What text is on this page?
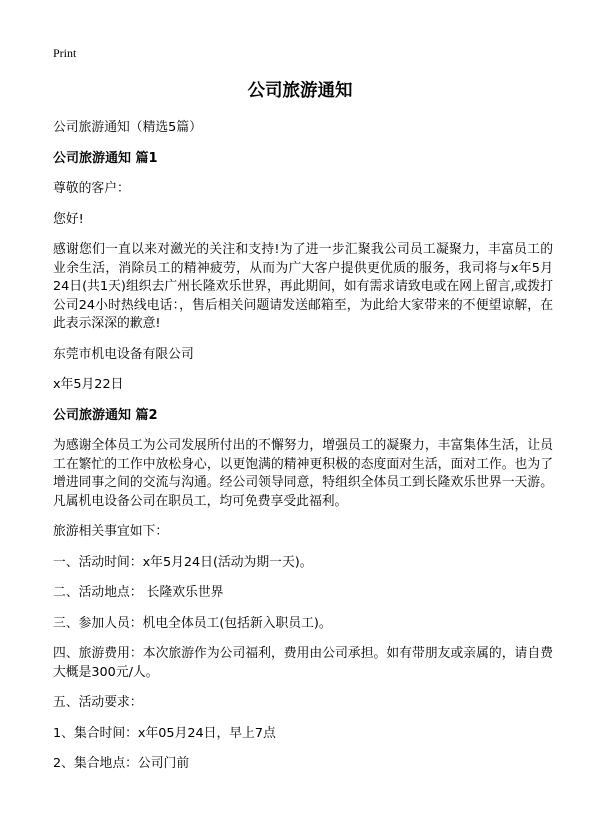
Print
公司旅游通知

公司旅游通知（精选5篇）

公司旅游通知 篇1

尊敬的客户：

您好!

感谢您们一直以来对瀲光的关注和支持!为了进一步汇聚我公司员工凝聚力，丰富员工的业余生活，消除员工的精神疲劳，从而为广大客户提供更优质的服务，我司将与x年5月24日(共1天)组织去广州长隆欢乐世界，再此期间，如有需求请致电或在网上留言,或拨打公司24小时热线电话：，售后相关问题请发送邮箱至，为此给大家带来的不便望谅解，在此表示深深的歉意!

东莞市机电设备有限公司

x年5月22日

公司旅游通知 篇2

为感谢全体员工为公司发展所付出的不懈努力，增强员工的凝聚力，丰富集体生活，让员工在繁忙的工作中放松身心，以更饱满的精神更积极的态度面对生活，面对工作。也为了增进同事之间的交流与沟通。经公司领导同意，特组织全体员工到长隆欢乐世界一天游。凡属机电设备公司在职员工，均可免费享受此福利。

旅游相关事宜如下：

一、活动时间：x年5月24日(活动为期一天)。

二、活动地点： 长隆欢乐世界

三、参加人员：机电全体员工(包括新入职员工)。

四、旅游费用：本次旅游作为公司福利，费用由公司承担。如有带朋友或亲属的，请自费大概是300元/人。

五、活动要求：

1、集合时间：x年05月24日，早上7点

2、集合地点：公司门前
